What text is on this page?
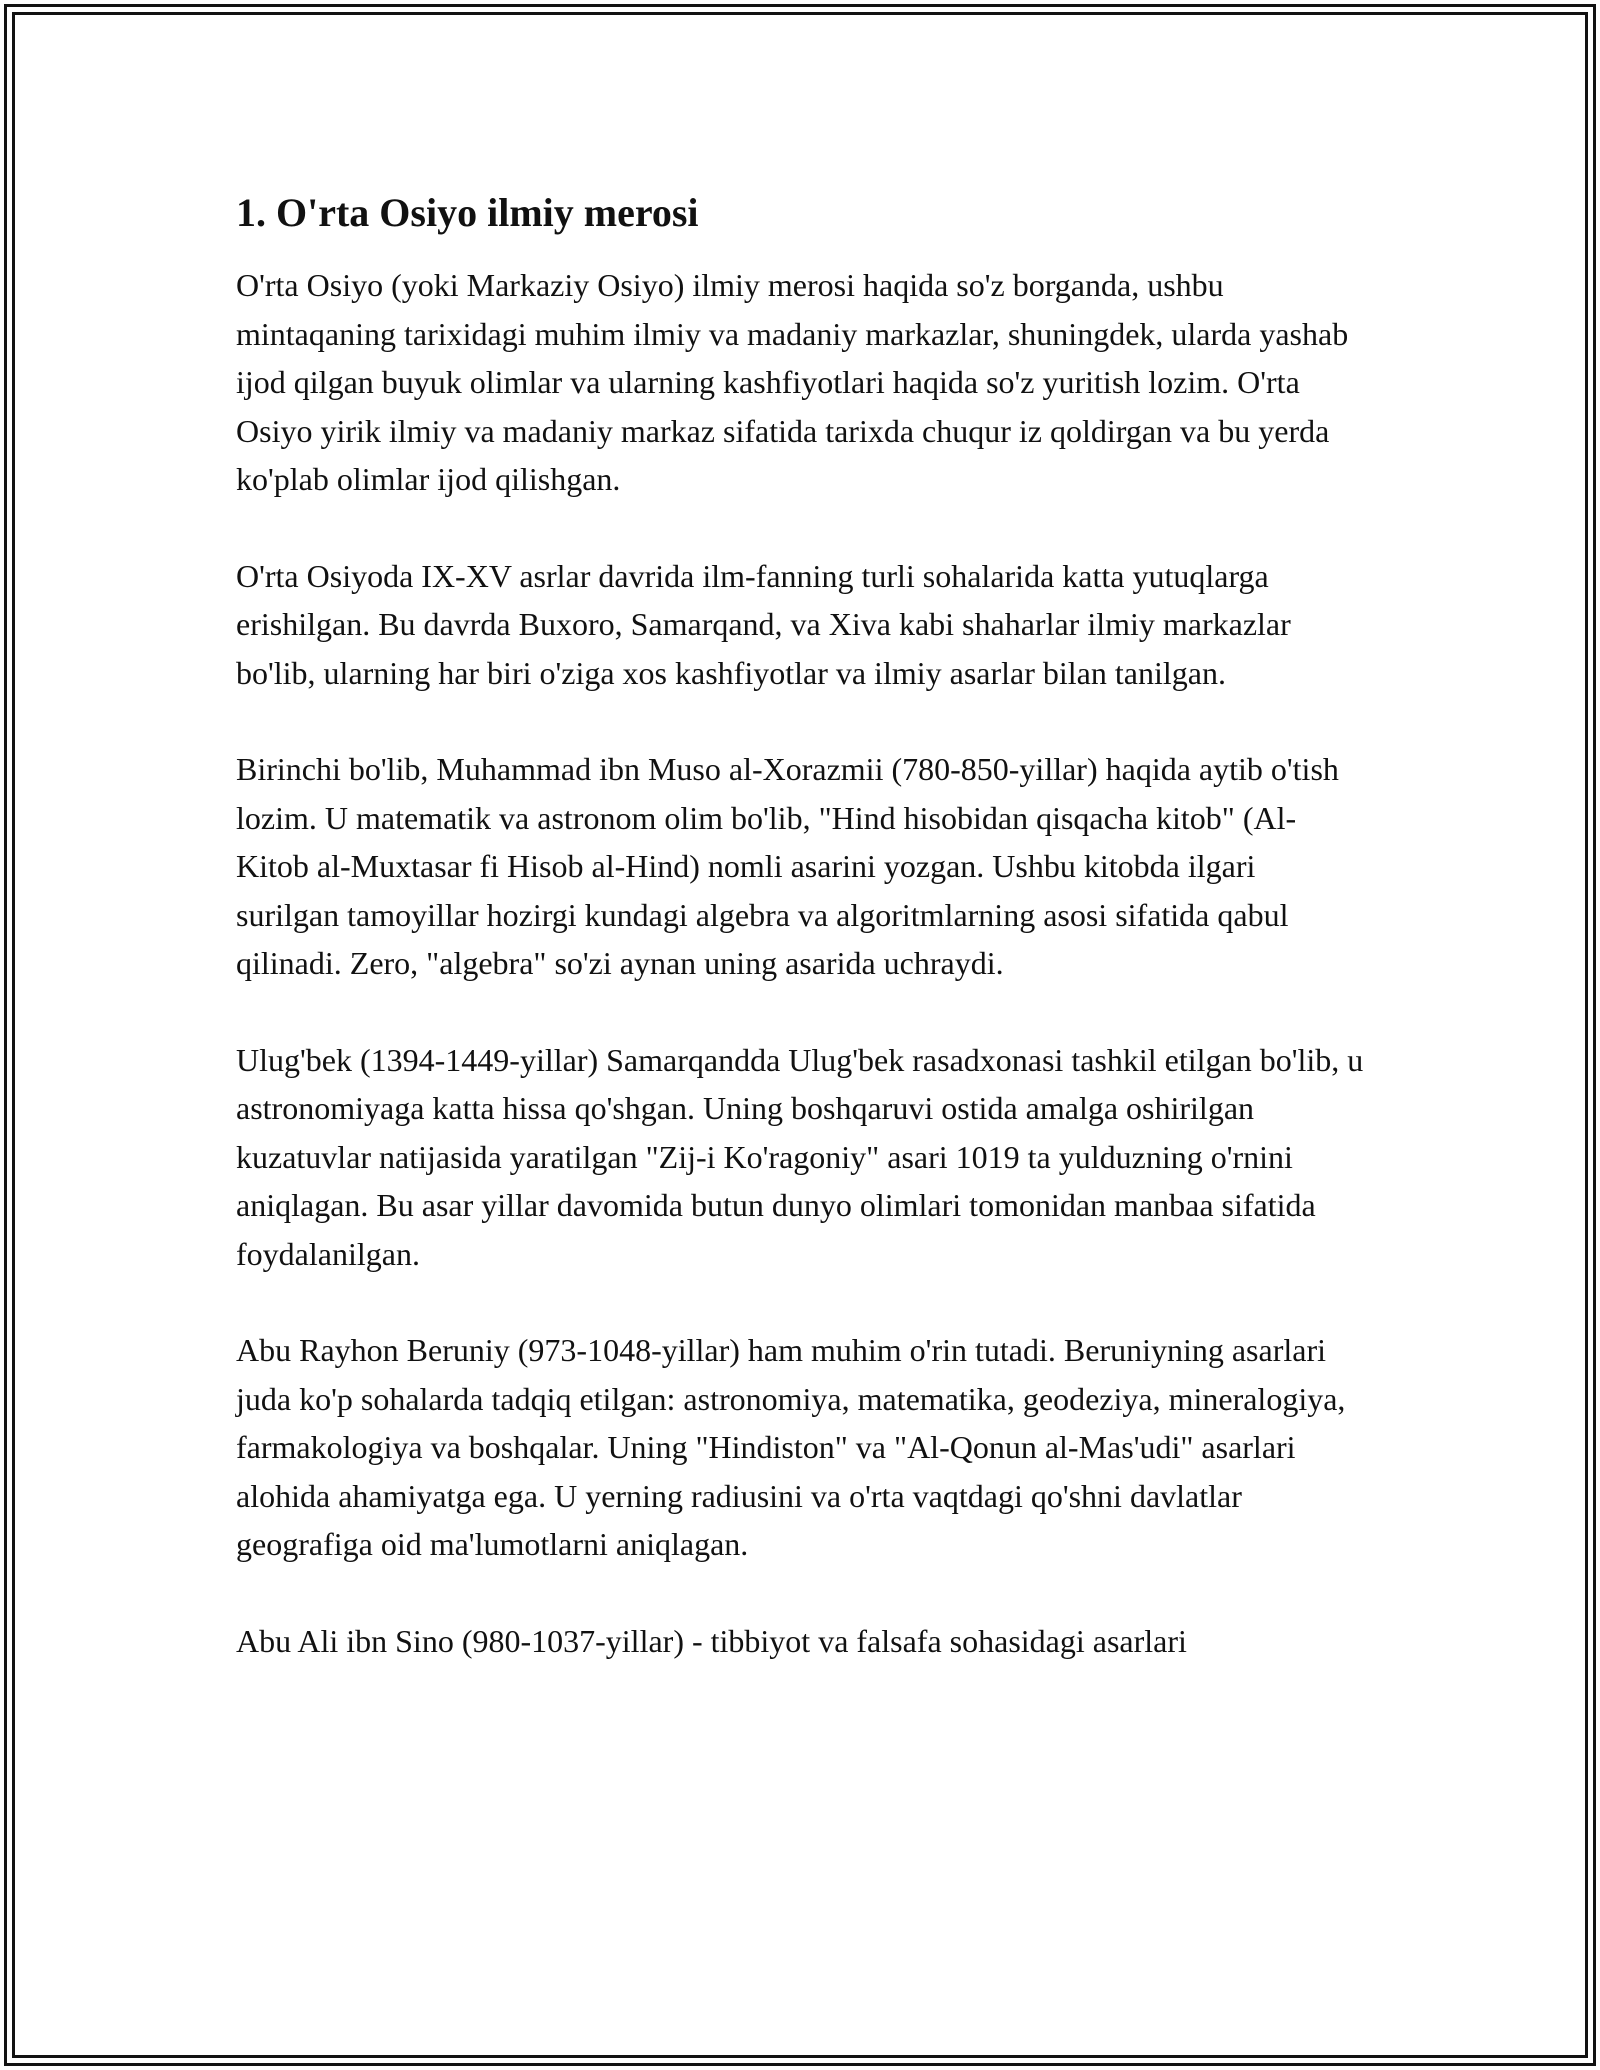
1. O'rta Osiyo ilmiy merosi

O'rta Osiyo (yoki Markaziy Osiyo) ilmiy merosi haqida so'z borganda, ushbu mintaqaning tarixidagi muhim ilmiy va madaniy markazlar, shuningdek, ularda yashab ijod qilgan buyuk olimlar va ularning kashfiyotlari haqida so'z yuritish lozim. O'rta Osiyo yirik ilmiy va madaniy markaz sifatida tarixda chuqur iz qoldirgan va bu yerda ko'plab olimlar ijod qilishgan.

O'rta Osiyoda IX-XV asrlar davrida ilm-fanning turli sohalarida katta yutuqlarga erishilgan. Bu davrda Buxoro, Samarqand, va Xiva kabi shaharlar ilmiy markazlar bo'lib, ularning har biri o'ziga xos kashfiyotlar va ilmiy asarlar bilan tanilgan.

Birinchi bo'lib, Muhammad ibn Muso al-Xorazmii (780-850-yillar) haqida aytib o'tish lozim. U matematik va astronom olim bo'lib, "Hind hisobidan qisqacha kitob" (Al-Kitob al-Muxtasar fi Hisob al-Hind) nomli asarini yozgan. Ushbu kitobda ilgari surilgan tamoyillar hozirgi kundagi algebra va algoritmlarning asosi sifatida qabul qilinadi. Zero, "algebra" so'zi aynan uning asarida uchraydi.

Ulug'bek (1394-1449-yillar) Samarqandda Ulug'bek rasadxonasi tashkil etilgan bo'lib, u astronomiyaga katta hissa qo'shgan. Uning boshqaruvi ostida amalga oshirilgan kuzatuvlar natijasida yaratilgan "Zij-i Ko'ragoniy" asari 1019 ta yulduzning o'rnini aniqlagan. Bu asar yillar davomida butun dunyo olimlari tomonidan manbaa sifatida foydalanilgan.

Abu Rayhon Beruniy (973-1048-yillar) ham muhim o'rin tutadi. Beruniyning asarlari juda ko'p sohalarda tadqiq etilgan: astronomiya, matematika, geodeziya, mineralogiya, farmakologiya va boshqalar. Uning "Hindiston" va "Al-Qonun al-Mas'udi" asarlari alohida ahamiyatga ega. U yerning radiusini va o'rta vaqtdagi qo'shni davlatlar geografiga oid ma'lumotlarni aniqlagan.

Abu Ali ibn Sino (980-1037-yillar) - tibbiyot va falsafa sohasidagi asarlari
